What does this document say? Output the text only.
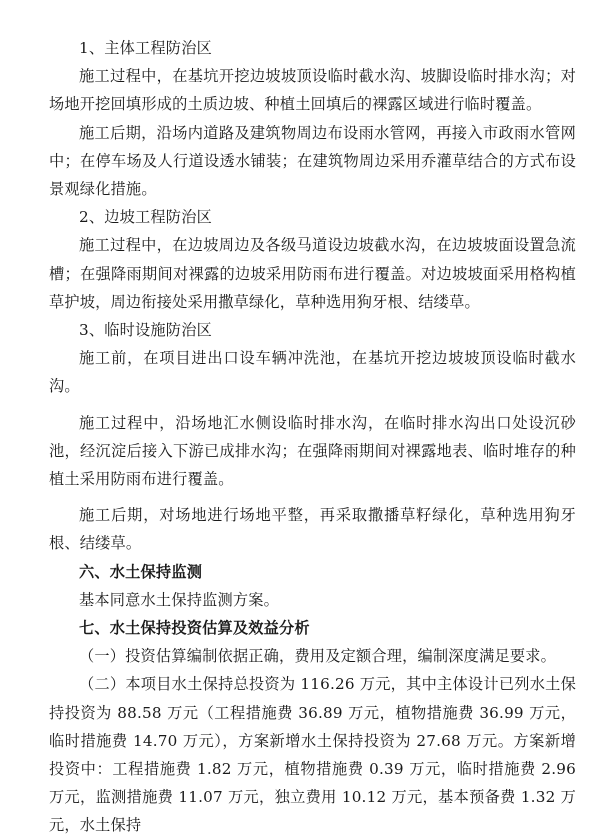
1、主体工程防治区

施工过程中，在基坑开挖边坡坡顶设临时截水沟、坡脚设临时排水沟；对场地开挖回填形成的土质边坡、种植土回填后的裸露区域进行临时覆盖。

施工后期，沿场内道路及建筑物周边布设雨水管网，再接入市政雨水管网中；在停车场及人行道设透水铺装；在建筑物周边采用乔灌草结合的方式布设景观绿化措施。

2、边坡工程防治区

施工过程中，在边坡周边及各级马道设边坡截水沟，在边坡坡面设置急流槽；在强降雨期间对裸露的边坡采用防雨布进行覆盖。对边坡坡面采用格构植草护坡，周边衔接处采用撒草绿化，草种选用狗牙根、结缕草。

3、临时设施防治区

施工前，在项目进出口设车辆冲洗池，在基坑开挖边坡坡顶设临时截水沟。

施工过程中，沿场地汇水侧设临时排水沟，在临时排水沟出口处设沉砂池，经沉淀后接入下游已成排水沟；在强降雨期间对裸露地表、临时堆存的种植土采用防雨布进行覆盖。

施工后期，对场地进行场地平整，再采取撒播草籽绿化，草种选用狗牙根、结缕草。

六、水土保持监测

基本同意水土保持监测方案。

七、水土保持投资估算及效益分析

（一）投资估算编制依据正确，费用及定额合理，编制深度满足要求。

（二）本项目水土保持总投资为 116.26 万元，其中主体设计已列水土保持投资为 88.58 万元（工程措施费 36.89 万元，植物措施费 36.99 万元，临时措施费 14.70 万元），方案新增水土保持投资为 27.68 万元。方案新增投资中：工程措施费 1.82 万元，植物措施费 0.39 万元，临时措施费 2.96 万元，监测措施费 11.07 万元，独立费用 10.12 万元，基本预备费 1.32 万元，水土保持
